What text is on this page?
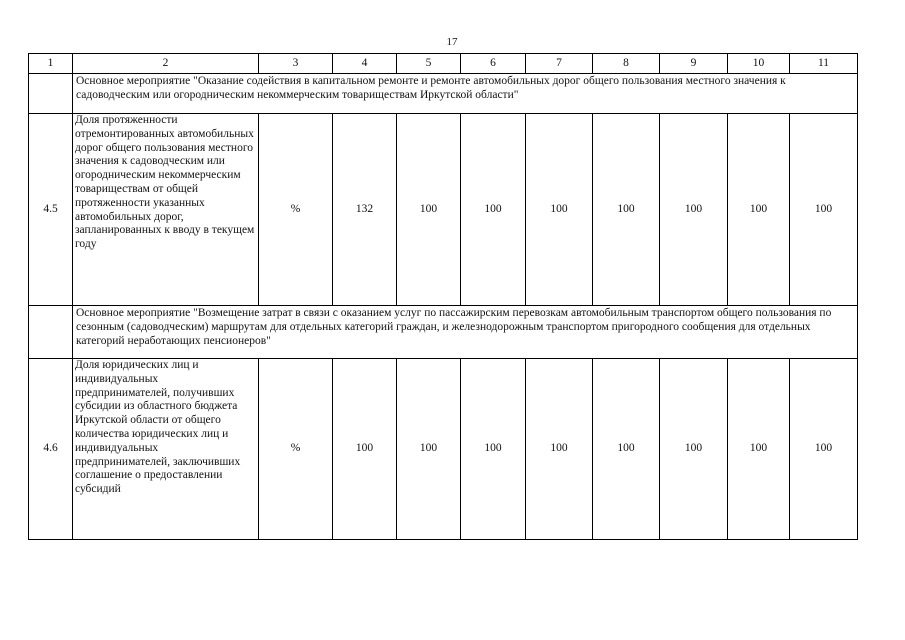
17
1	2	3	4	5	6	7	8	9	10	11
	Основное мероприятие "Оказание содействия в капитальном ремонте и ремонте автомобильных дорог общего пользования местного значения к садоводческим или огородническим некоммерческим товариществам Иркутской области"									
4.5	Доля протяженности отремонтированных автомобильных дорог общего пользования местного значения к садоводческим или огородническим некоммерческим товариществам от общей протяженности указанных автомобильных дорог, запланированных к вводу в текущем году	%	132	100	100	100	100	100	100	100
	Основное мероприятие "Возмещение затрат в связи с оказанием услуг по пассажирским перевозкам автомобильным транспортом общего пользования по сезонным (садоводческим) маршрутам для отдельных категорий граждан, и железнодорожным транспортом пригородного сообщения для отдельных категорий неработающих пенсионеров"									
4.6	Доля юридических лиц и индивидуальных предпринимателей, получивших субсидии из областного бюджета Иркутской области от общего количества юридических лиц и индивидуальных предпринимателей, заключивших соглашение о предоставлении субсидий	%	100	100	100	100	100	100	100	100
